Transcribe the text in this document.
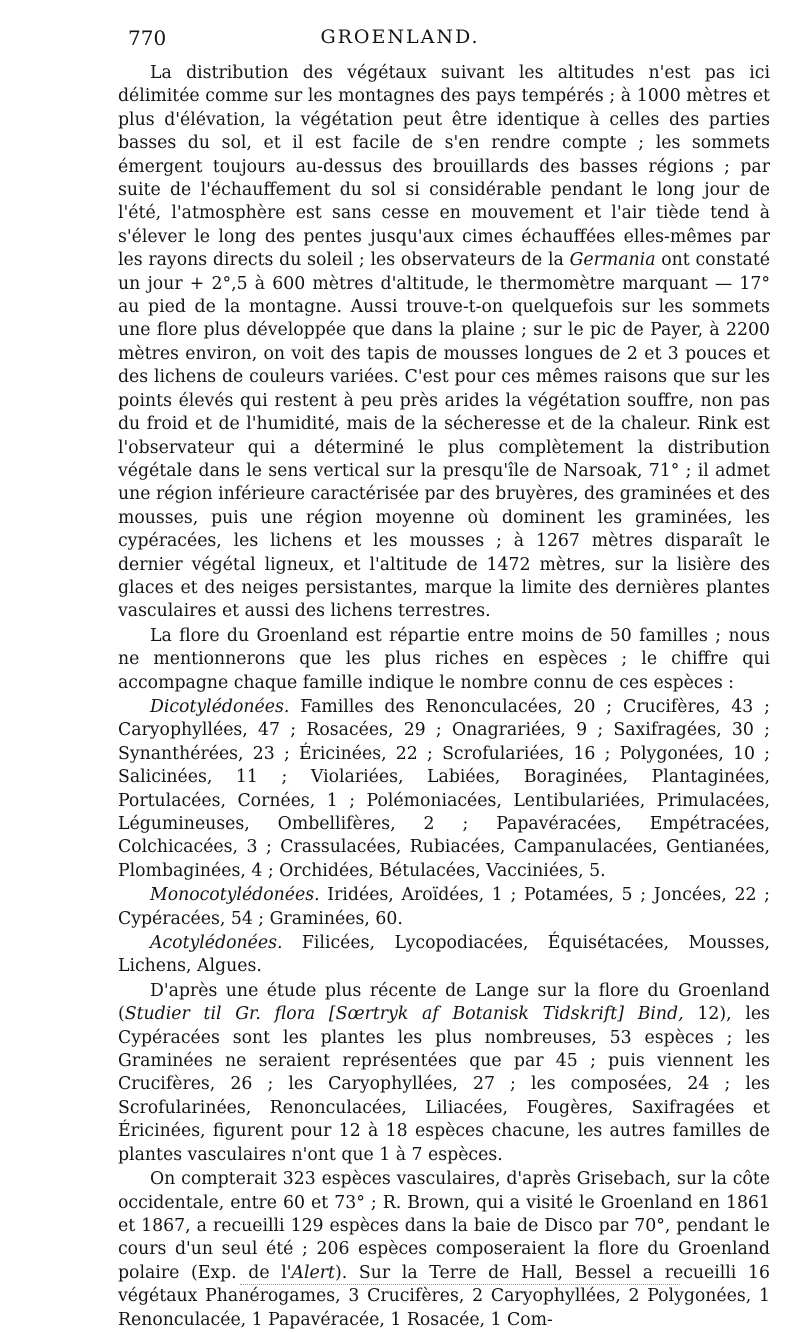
770	GROENLAND.

La distribution des végétaux suivant les altitudes n'est pas ici délimitée comme sur les montagnes des pays tempérés ; à 1000 mètres et plus d'élévation, la végétation peut être identique à celles des parties basses du sol, et il est facile de s'en rendre compte ; les sommets émergent toujours au-dessus des brouillards des basses régions ; par suite de l'échauffement du sol si considérable pendant le long jour de l'été, l'atmosphère est sans cesse en mouvement et l'air tiède tend à s'élever le long des pentes jusqu'aux cimes échauffées elles-mêmes par les rayons directs du soleil ; les observateurs de la Germania ont constaté un jour + 2°,5 à 600 mètres d'altitude, le thermomètre marquant — 17° au pied de la montagne. Aussi trouve-t-on quelquefois sur les sommets une flore plus développée que dans la plaine ; sur le pic de Payer, à 2200 mètres environ, on voit des tapis de mousses longues de 2 et 3 pouces et des lichens de couleurs variées. C'est pour ces mêmes raisons que sur les points élevés qui restent à peu près arides la végétation souffre, non pas du froid et de l'humidité, mais de la sécheresse et de la chaleur. Rink est l'observateur qui a déterminé le plus complètement la distribution végétale dans le sens vertical sur la presqu'île de Narsoak, 71° ; il admet une région inférieure caractérisée par des bruyères, des graminées et des mousses, puis une région moyenne où dominent les graminées, les cypéracées, les lichens et les mousses ; à 1267 mètres disparaît le dernier végétal ligneux, et l'altitude de 1472 mètres, sur la lisière des glaces et des neiges persistantes, marque la limite des dernières plantes vasculaires et aussi des lichens terrestres.

La flore du Groenland est répartie entre moins de 50 familles ; nous ne mentionnerons que les plus riches en espèces ; le chiffre qui accompagne chaque famille indique le nombre connu de ces espèces :

Dicotylédonées. Familles des Renonculacées, 20 ; Crucifères, 43 ; Caryophyllées, 47 ; Rosacées, 29 ; Onagrariées, 9 ; Saxifragées, 30 ; Synanthérées, 23 ; Éricinées, 22 ; Scrofulariées, 16 ; Polygonées, 10 ; Salicinées, 11 ; Violariées, Labiées, Boraginées, Plantaginées, Portulacées, Cornées, 1 ; Polémoniacées, Lentibulariées, Primulacées, Légumineuses, Ombellifères, 2 ; Papavéracées, Empétracées, Colchicacées, 3 ; Crassulacées, Rubiacées, Campanulacées, Gentianées, Plombaginées, 4 ; Orchidées, Bétulacées, Vacciniées, 5.

Monocotylédonées. Iridées, Aroïdées, 1 ; Potamées, 5 ; Joncées, 22 ; Cypéracées, 54 ; Graminées, 60.

Acotylédonées. Filicées, Lycopodiacées, Équisétacées, Mousses, Lichens, Algues.

D'après une étude plus récente de Lange sur la flore du Groenland (Studier til Gr. flora [Sœrtryk af Botanisk Tidskrift] Bind, 12), les Cypéracées sont les plantes les plus nombreuses, 53 espèces ; les Graminées ne seraient représentées que par 45 ; puis viennent les Crucifères, 26 ; les Caryophyllées, 27 ; les composées, 24 ; les Scrofularinées, Renonculacées, Liliacées, Fougères, Saxifragées et Éricinées, figurent pour 12 à 18 espèces chacune, les autres familles de plantes vasculaires n'ont que 1 à 7 espèces.

On compterait 323 espèces vasculaires, d'après Grisebach, sur la côte occidentale, entre 60 et 73° ; R. Brown, qui a visité le Groenland en 1861 et 1867, a recueilli 129 espèces dans la baie de Disco par 70°, pendant le cours d'un seul été ; 206 espèces composeraient la flore du Groenland polaire (Exp. de l'Alert). Sur la Terre de Hall, Bessel a recueilli 16 végétaux Phanérogames, 3 Crucifères, 2 Caryophyllées, 2 Polygonées, 1 Renonculacée, 1 Papavéracée, 1 Rosacée, 1 Com-
